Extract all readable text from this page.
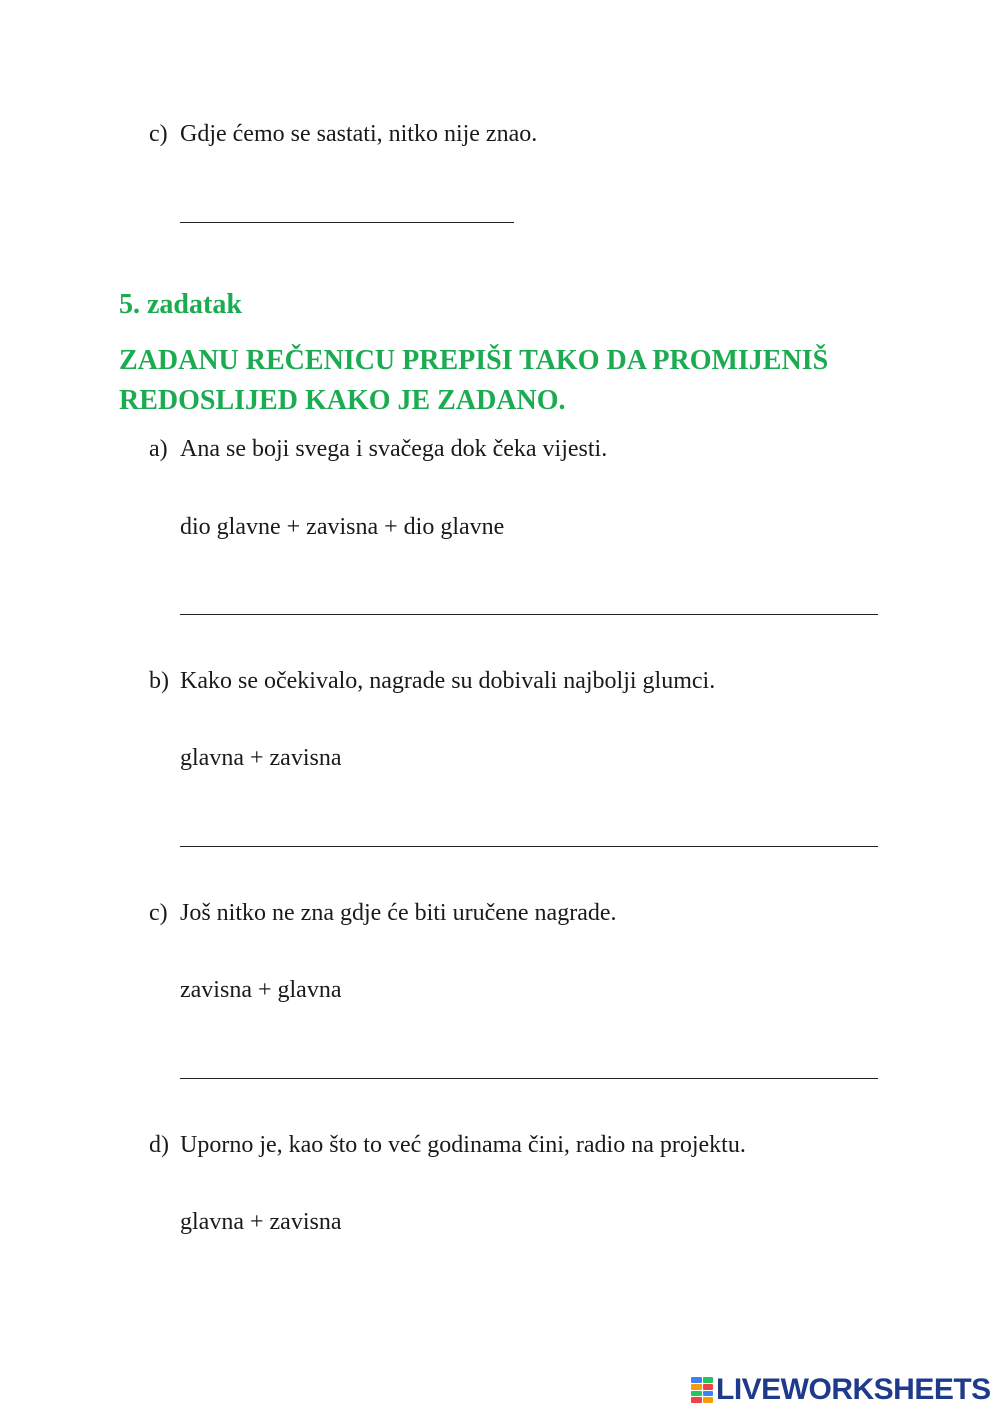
c) Gdje ćemo se sastati, nitko nije znao.
5. zadatak
ZADANU REČENICU PREPIŠI TAKO DA PROMIJENIŠ REDOSLIJED KAKO JE ZADANO.
a) Ana se boji svega i svačega dok čeka vijesti.
dio glavne + zavisna + dio glavne
b) Kako se očekivalo, nagrade su dobivali najbolji glumci.
glavna + zavisna
c) Još nitko ne zna gdje će biti uručene nagrade.
zavisna + glavna
d) Uporno je, kao što to već godinama čini, radio na projektu.
glavna + zavisna
LIVEWORKSHEETS
